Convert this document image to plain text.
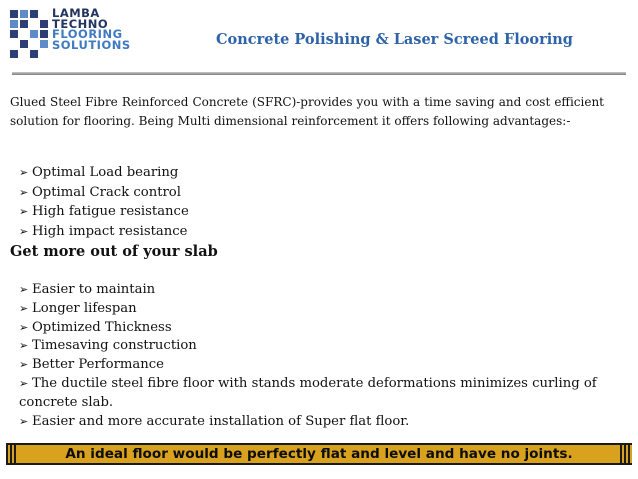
LAMBA
TECHNO
FLOORING
SOLUTIONS	Concrete Polishing & Laser Screed Flooring

Glued Steel Fibre Reinforced Concrete (SFRC)-provides you with a time saving and cost efficient solution for flooring. Being Multi dimensional reinforcement it offers following advantages:-

➢ Optimal Load bearing
➢ Optimal Crack control
➢ High fatigue resistance
➢ High impact resistance
Get more out of your slab
➢ Easier to maintain
➢ Longer lifespan
➢ Optimized Thickness
➢ Timesaving construction
➢ Better Performance
➢ The ductile steel fibre floor with stands moderate deformations minimizes curling of concrete slab.
➢ Easier and more accurate installation of Super flat floor.
An ideal floor would be perfectly flat and level and have no joints.
